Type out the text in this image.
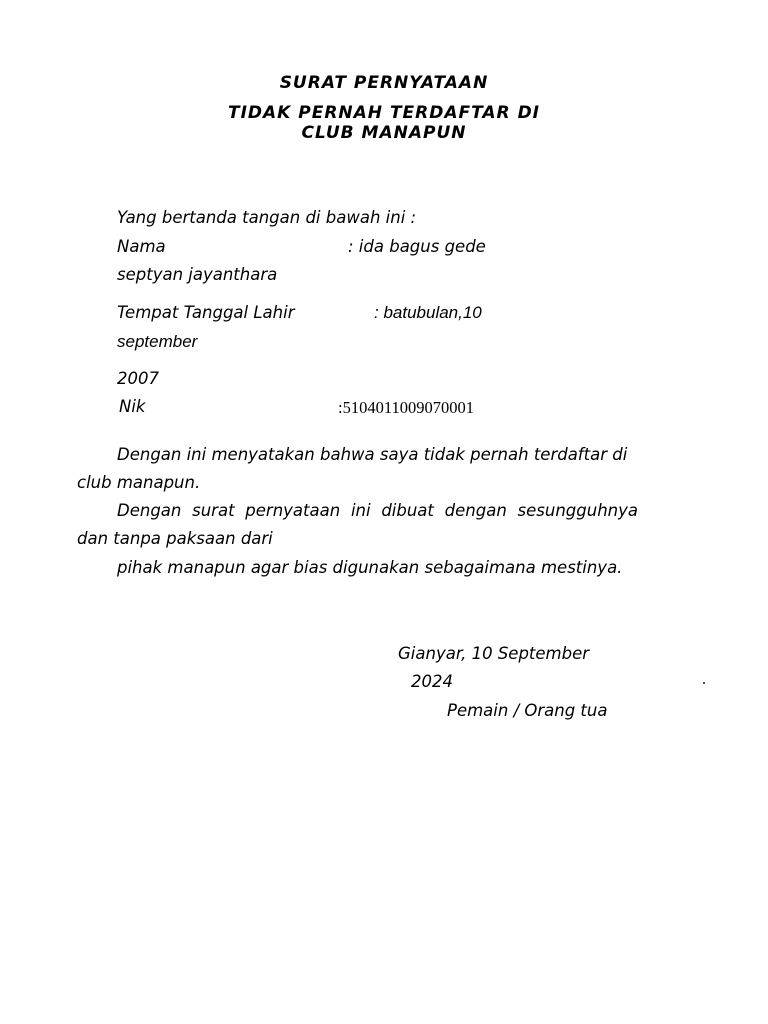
SURAT PERNYATAAN
TIDAK PERNAH TERDAFTAR DI
CLUB MANAPUN
Yang bertanda tangan di bawah ini :
Nama	: ida bagus gede
septyan jayanthara
Tempat Tanggal Lahir	: batubulan,10
september
2007
Nik	:5104011009070001
Dengan ini menyatakan bahwa saya tidak pernah terdaftar di
club manapun.
Dengan surat pernyataan ini dibuat dengan sesungguhnya
dan tanpa paksaan dari
pihak manapun agar bias digunakan sebagaimana mestinya.
Gianyar, 10 September
2024
Pemain / Orang tua
